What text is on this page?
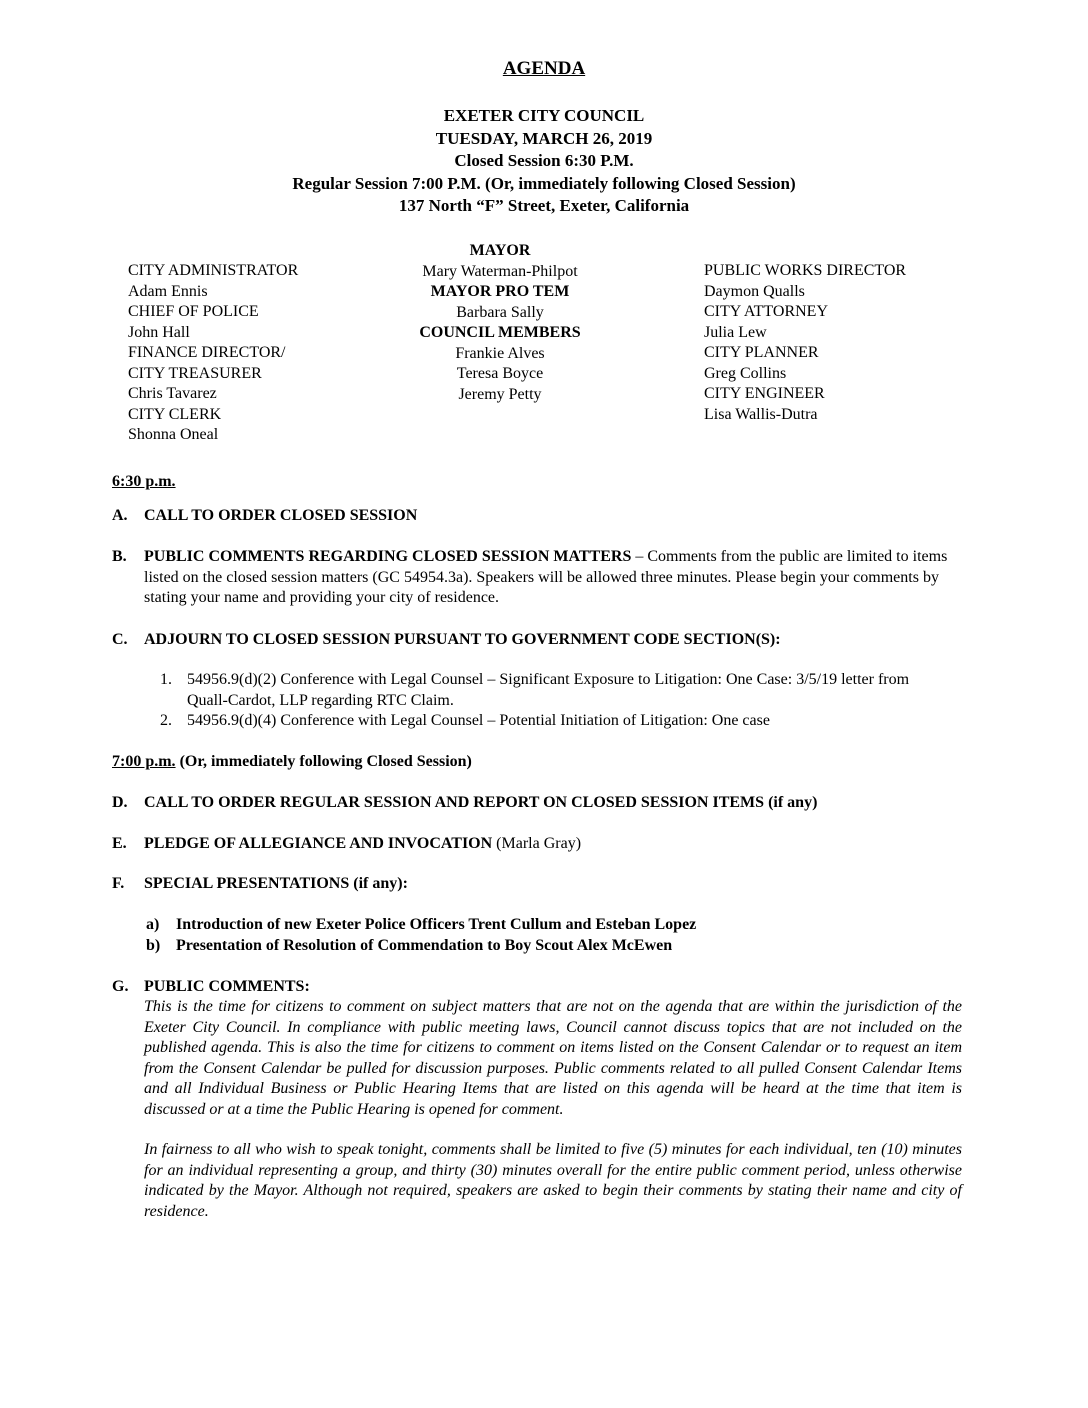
AGENDA
EXETER CITY COUNCIL
TUESDAY, MARCH 26, 2019
Closed Session 6:30 P.M.
Regular Session 7:00 P.M. (Or, immediately following Closed Session)
137 North “F” Street, Exeter, California
CITY ADMINISTRATOR
Adam Ennis
CHIEF OF POLICE
John Hall
FINANCE DIRECTOR/
CITY TREASURER
Chris Tavarez
CITY CLERK
Shonna Oneal
MAYOR
Mary Waterman-Philpot
MAYOR PRO TEM
Barbara Sally
COUNCIL MEMBERS
Frankie Alves
Teresa Boyce
Jeremy Petty
PUBLIC WORKS DIRECTOR
Daymon Qualls
CITY ATTORNEY
Julia Lew
CITY PLANNER
Greg Collins
CITY ENGINEER
Lisa Wallis-Dutra
6:30 p.m.
A. CALL TO ORDER CLOSED SESSION
B. PUBLIC COMMENTS REGARDING CLOSED SESSION MATTERS – Comments from the public are limited to items listed on the closed session matters (GC 54954.3a). Speakers will be allowed three minutes. Please begin your comments by stating your name and providing your city of residence.
C. ADJOURN TO CLOSED SESSION PURSUANT TO GOVERNMENT CODE SECTION(S):
1. 54956.9(d)(2) Conference with Legal Counsel – Significant Exposure to Litigation: One Case: 3/5/19 letter from Quall-Cardot, LLP regarding RTC Claim.
2. 54956.9(d)(4) Conference with Legal Counsel – Potential Initiation of Litigation: One case
7:00 p.m. (Or, immediately following Closed Session)
D. CALL TO ORDER REGULAR SESSION AND REPORT ON CLOSED SESSION ITEMS (if any)
E. PLEDGE OF ALLEGIANCE AND INVOCATION (Marla Gray)
F. SPECIAL PRESENTATIONS (if any):
a) Introduction of new Exeter Police Officers Trent Cullum and Esteban Lopez
b) Presentation of Resolution of Commendation to Boy Scout Alex McEwen
G. PUBLIC COMMENTS:
This is the time for citizens to comment on subject matters that are not on the agenda that are within the jurisdiction of the Exeter City Council. In compliance with public meeting laws, Council cannot discuss topics that are not included on the published agenda. This is also the time for citizens to comment on items listed on the Consent Calendar or to request an item from the Consent Calendar be pulled for discussion purposes. Public comments related to all pulled Consent Calendar Items and all Individual Business or Public Hearing Items that are listed on this agenda will be heard at the time that item is discussed or at a time the Public Hearing is opened for comment.
In fairness to all who wish to speak tonight, comments shall be limited to five (5) minutes for each individual, ten (10) minutes for an individual representing a group, and thirty (30) minutes overall for the entire public comment period, unless otherwise indicated by the Mayor. Although not required, speakers are asked to begin their comments by stating their name and city of residence.
